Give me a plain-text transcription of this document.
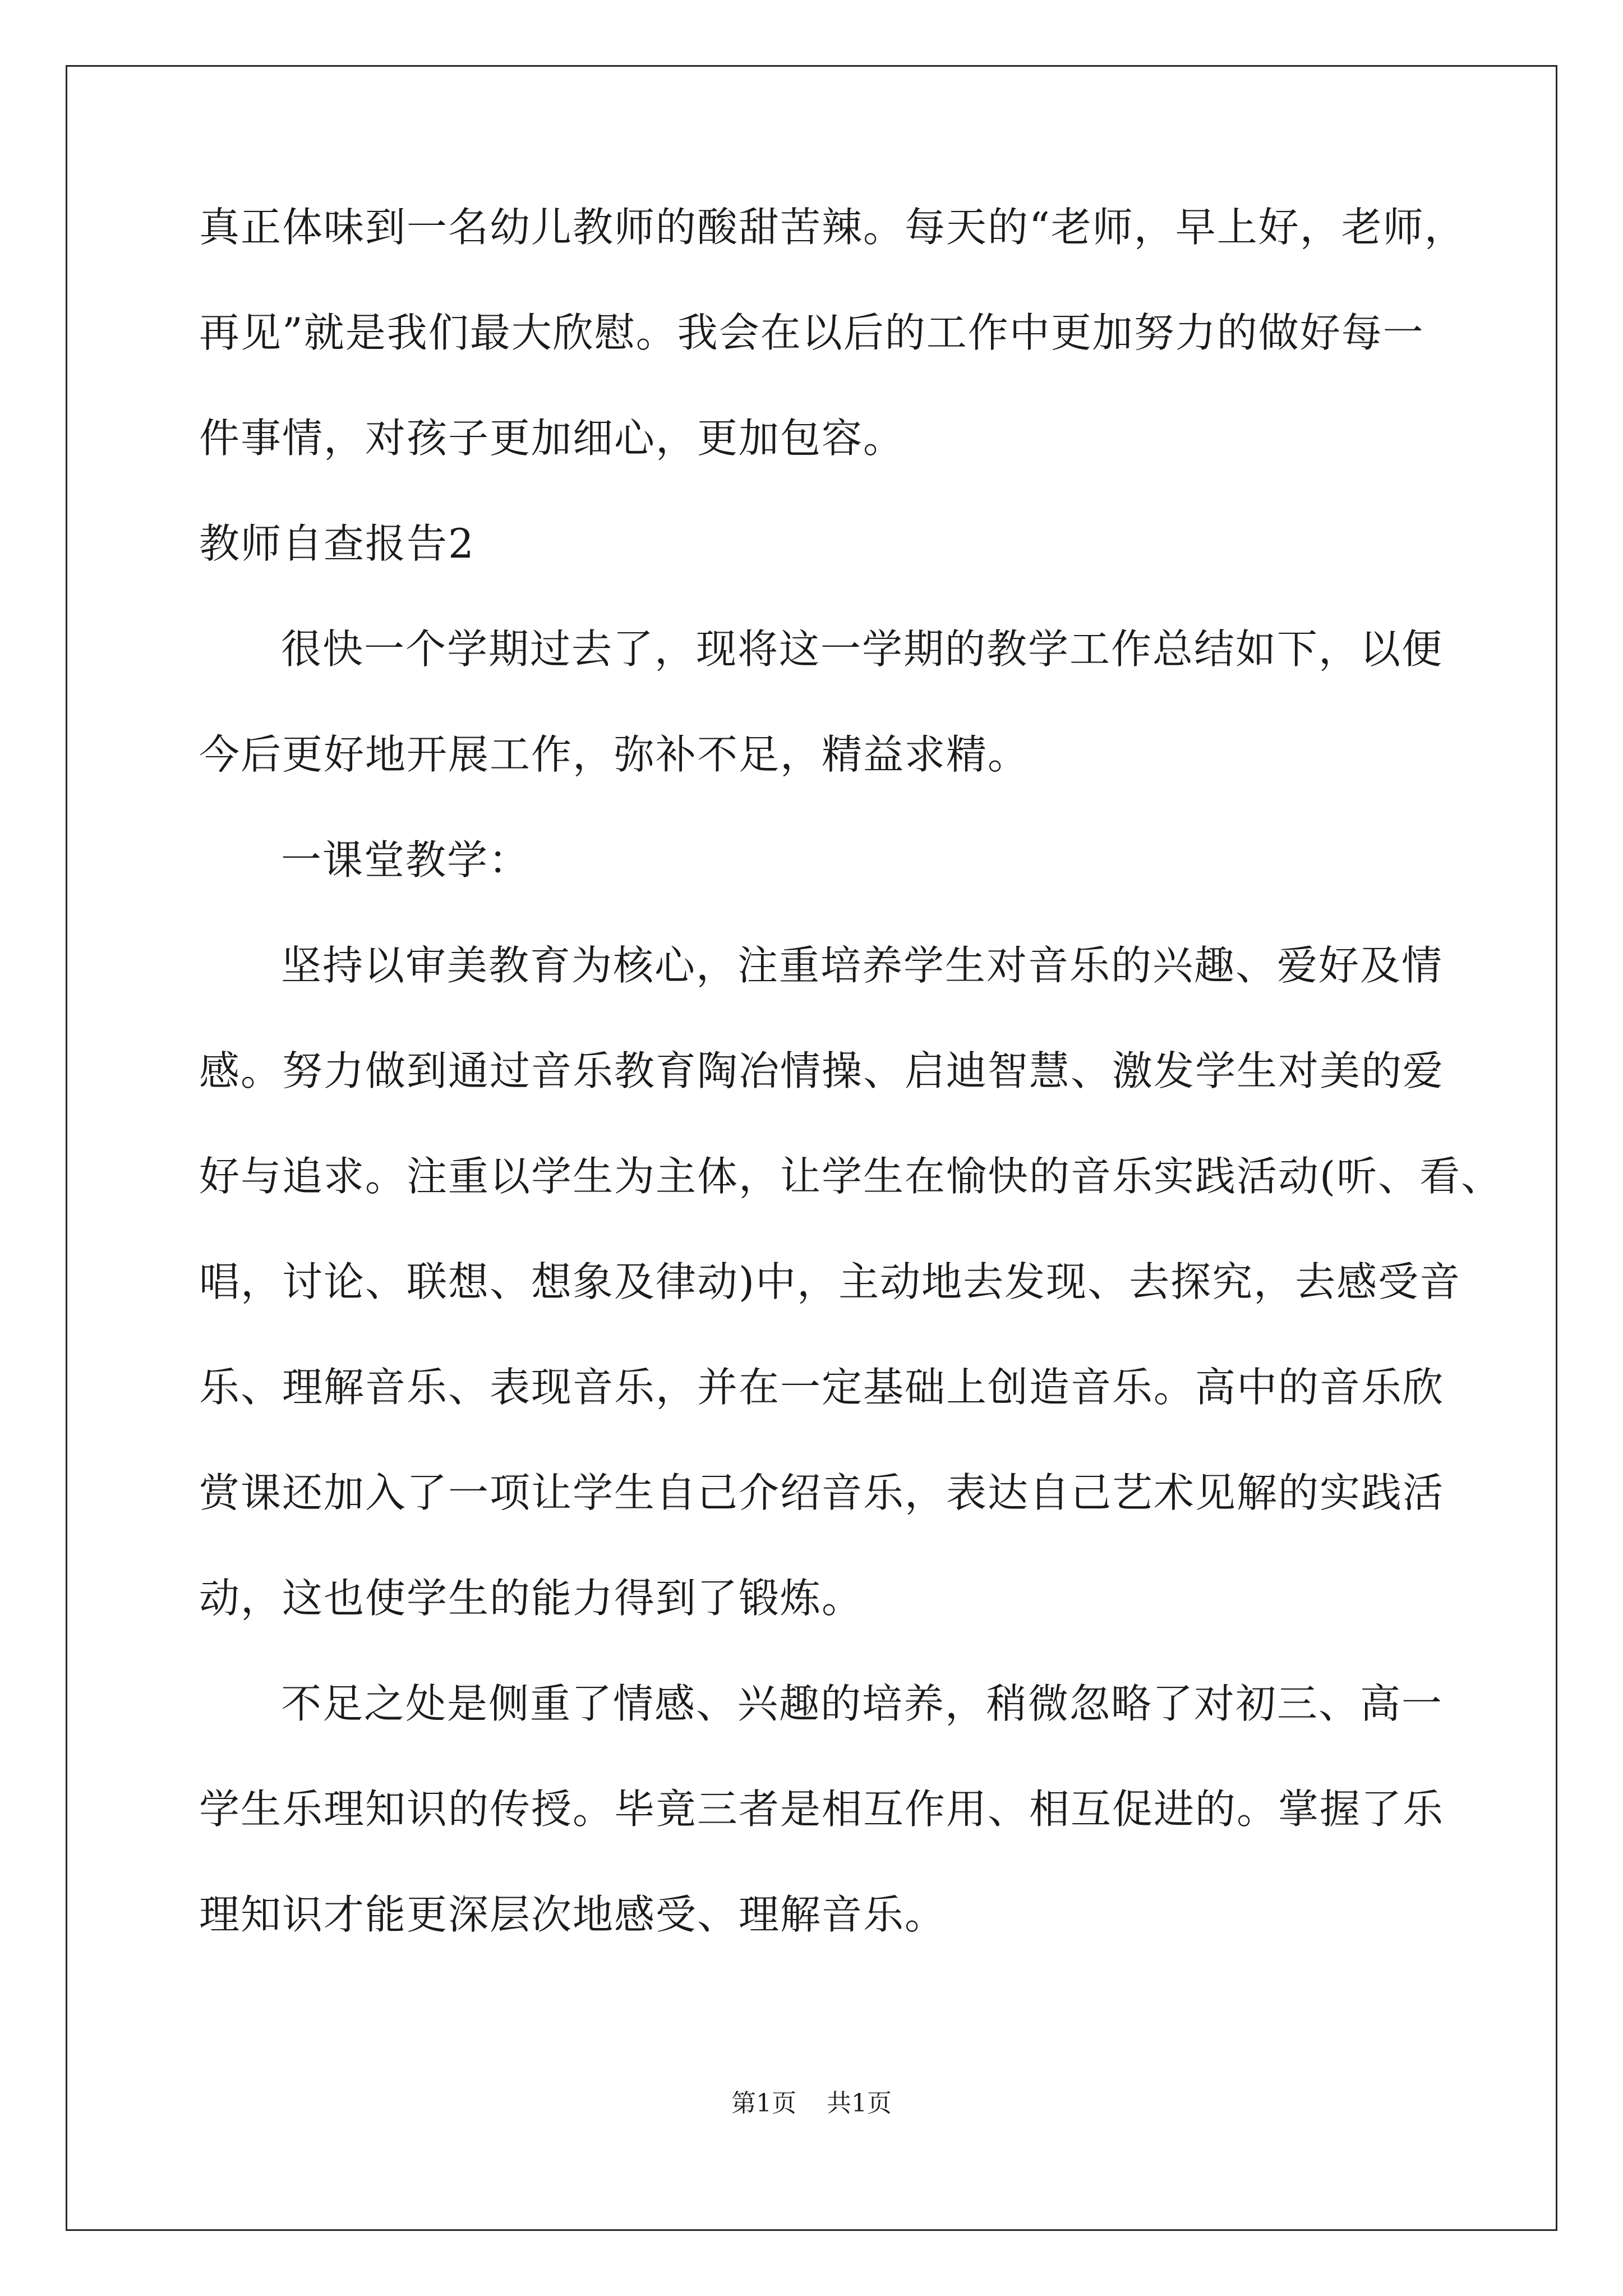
真正体味到一名幼儿教师的酸甜苦辣。每天的“老师，早上好，老师，
再见”就是我们最大欣慰。我会在以后的工作中更加努力的做好每一
件事情，对孩子更加细心，更加包容。
教师自查报告2
很快一个学期过去了，现将这一学期的教学工作总结如下，以便
今后更好地开展工作，弥补不足，精益求精。
一课堂教学：
坚持以审美教育为核心，注重培养学生对音乐的兴趣、爱好及情
感。努力做到通过音乐教育陶冶情操、启迪智慧、激发学生对美的爱
好与追求。注重以学生为主体，让学生在愉快的音乐实践活动(听、看、
唱，讨论、联想、想象及律动)中，主动地去发现、去探究，去感受音
乐、理解音乐、表现音乐，并在一定基础上创造音乐。高中的音乐欣
赏课还加入了一项让学生自己介绍音乐，表达自己艺术见解的实践活
动，这也使学生的能力得到了锻炼。
不足之处是侧重了情感、兴趣的培养，稍微忽略了对初三、高一
学生乐理知识的传授。毕竟三者是相互作用、相互促进的。掌握了乐
理知识才能更深层次地感受、理解音乐。
第1页 共1页
